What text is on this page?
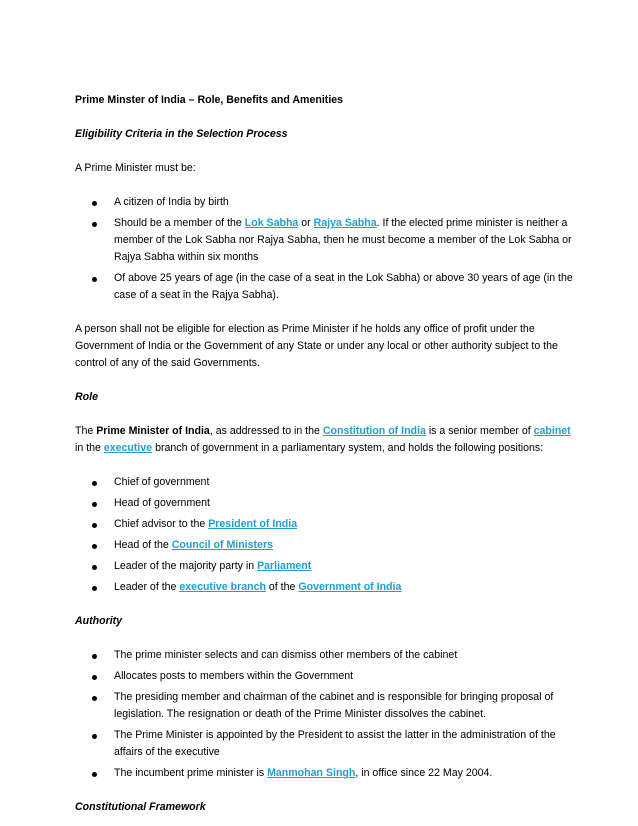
Prime Minster of India – Role, Benefits and Amenities

Eligibility Criteria in the Selection Process

A Prime Minister must be:

A citizen of India by birth
Should be a member of the Lok Sabha or Rajya Sabha. If the elected prime minister is neither a member of the Lok Sabha nor Rajya Sabha, then he must become a member of the Lok Sabha or Rajya Sabha within six months
Of above 25 years of age (in the case of a seat in the Lok Sabha) or above 30 years of age (in the case of a seat in the Rajya Sabha).

A person shall not be eligible for election as Prime Minister if he holds any office of profit under the Government of India or the Government of any State or under any local or other authority subject to the control of any of the said Governments.

Role

The Prime Minister of India, as addressed to in the Constitution of India is a senior member of cabinet in the executive branch of government in a parliamentary system, and holds the following positions:

Chief of government
Head of government
Chief advisor to the President of India
Head of the Council of Ministers
Leader of the majority party in Parliament
Leader of the executive branch of the Government of India

Authority

The prime minister selects and can dismiss other members of the cabinet
Allocates posts to members within the Government
The presiding member and chairman of the cabinet and is responsible for bringing proposal of legislation. The resignation or death of the Prime Minister dissolves the cabinet.
The Prime Minister is appointed by the President to assist the latter in the administration of the affairs of the executive
The incumbent prime minister is Manmohan Singh, in office since 22 May 2004.

Constitutional Framework
